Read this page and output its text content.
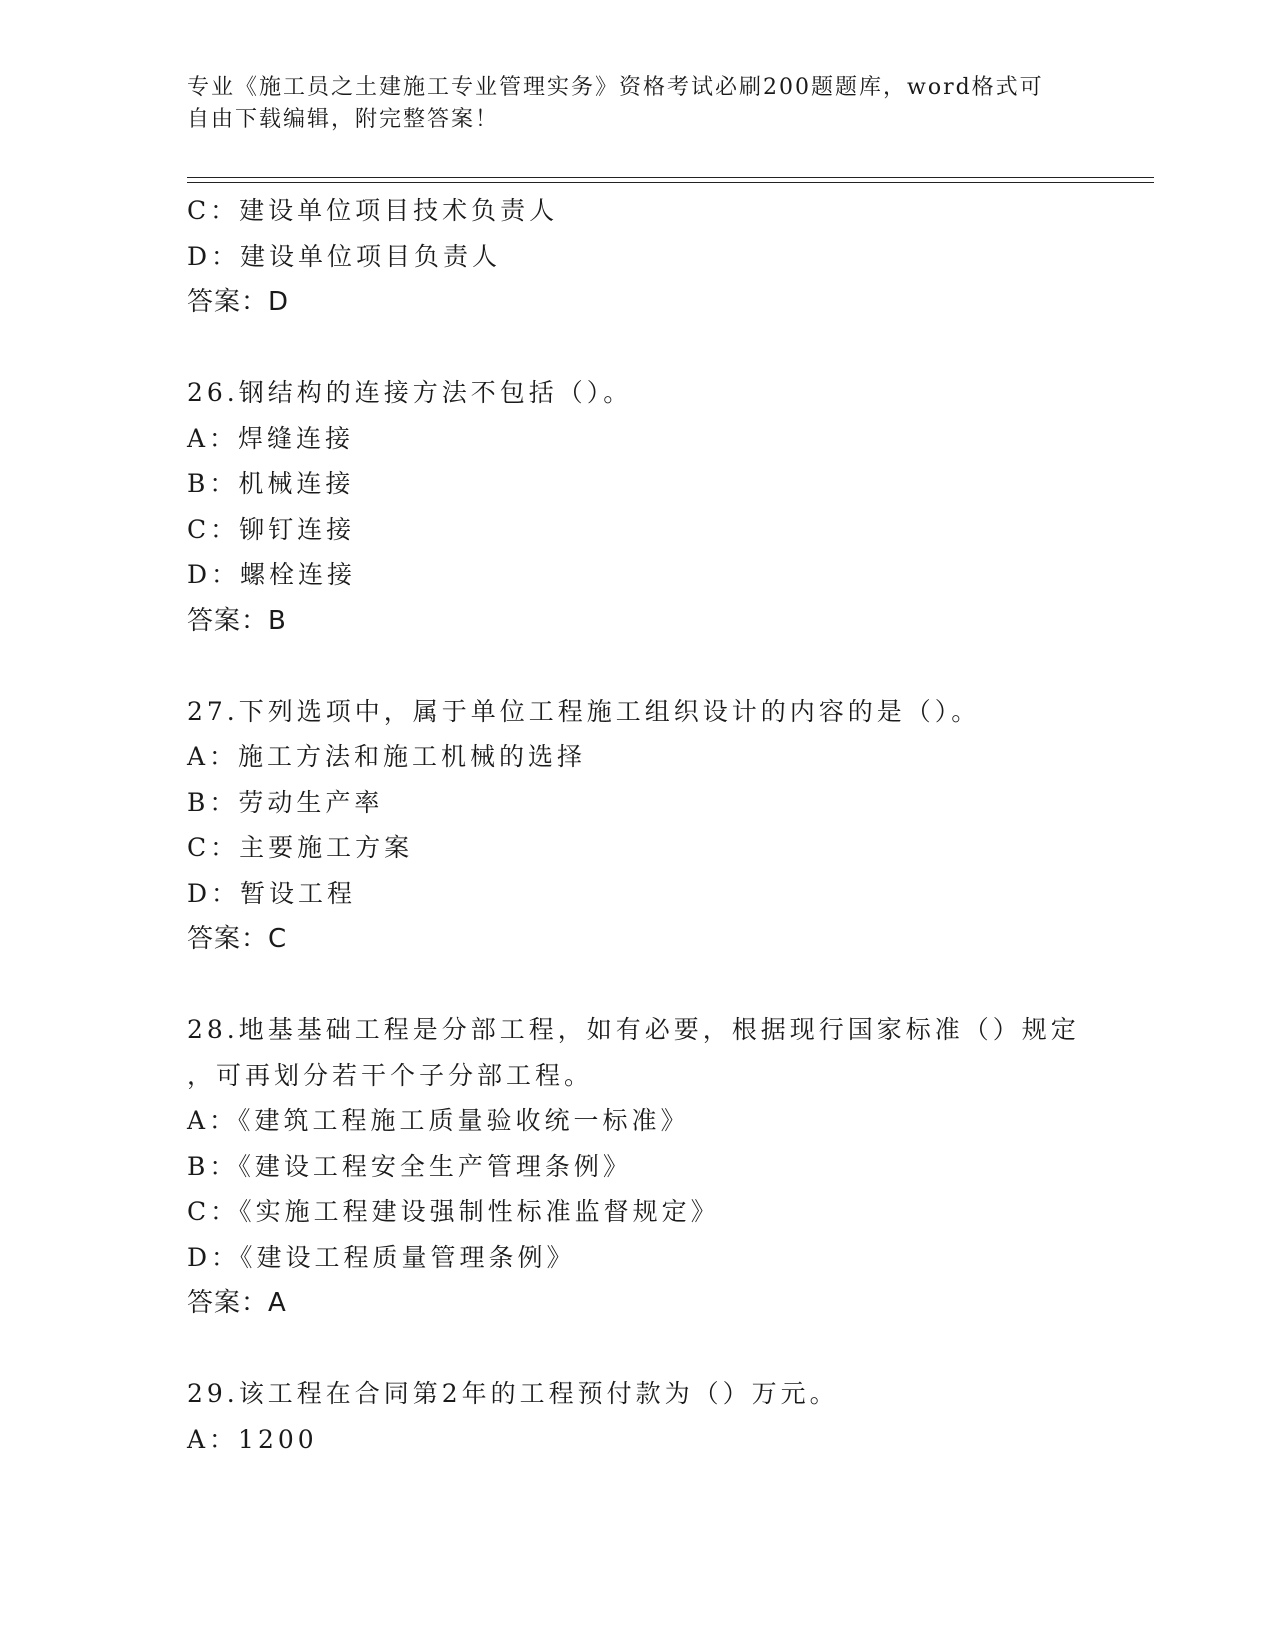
专业《施工员之土建施工专业管理实务》资格考试必刷200题题库，word格式可
自由下载编辑，附完整答案！
C：建设单位项目技术负责人
D：建设单位项目负责人
答案：D
26.钢结构的连接方法不包括（）。
A：焊缝连接
B：机械连接
C：铆钉连接
D：螺栓连接
答案：B
27.下列选项中，属于单位工程施工组织设计的内容的是（）。
A：施工方法和施工机械的选择
B：劳动生产率
C：主要施工方案
D：暂设工程
答案：C
28.地基基础工程是分部工程，如有必要，根据现行国家标准（）规定
，可再划分若干个子分部工程。
A：《建筑工程施工质量验收统一标准》
B：《建设工程安全生产管理条例》
C：《实施工程建设强制性标准监督规定》
D：《建设工程质量管理条例》
答案：A
29.该工程在合同第2年的工程预付款为（）万元。
A：1200
